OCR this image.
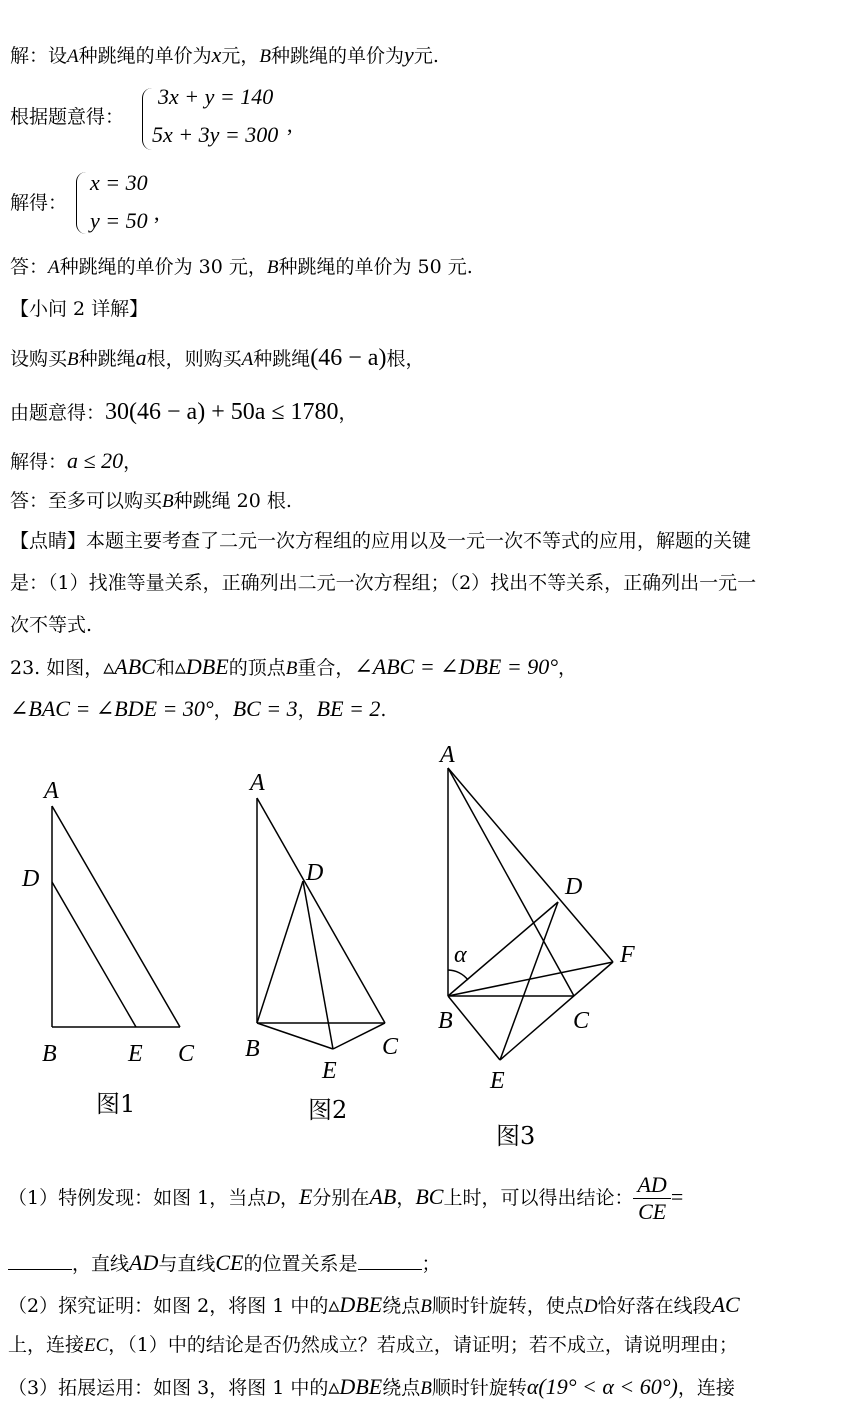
解：设A种跳绳的单价为x元，B种跳绳的单价为y元.
根据题意得：
3x + y = 140
5x + 3y = 300 ,
解得：
x = 30
y = 50 ,
答：A种跳绳的单价为 30 元，B种跳绳的单价为 50 元.
【小问 2 详解】
设购买B种跳绳a根，则购买A种跳绳(46 − a)根，
由题意得：30(46 − a) + 50a ≤ 1780，
解得：a ≤ 20，
答：至多可以购买B种跳绳 20 根.
【点睛】本题主要考查了二元一次方程组的应用以及一元一次不等式的应用，解题的关键
是：（1）找准等量关系，正确列出二元一次方程组；（2）找出不等关系，正确列出一元一
次不等式.
23. 如图，▵ABC和▵DBE的顶点B重合，∠ABC = ∠DBE = 90°，
∠BAC = ∠BDE = 30°，BC = 3，BE = 2.
A
D
B	E C
图1
A
D
B
E
C
图2
A
D
F
α
B	C
E
图3
（1）特例发现：如图 1，当点D，E分别在AB，BC上时，可以得出结论： $\frac{AD}{CE}$ =
，直线AD与直线CE的位置关系是	；
（2）探究证明：如图 2，将图 1 中的▵DBE绕点B顺时针旋转，使点D恰好落在线段AC
上，连接EC，（1）中的结论是否仍然成立？若成立，请证明；若不成立，请说明理由；
（3）拓展运用：如图 3，将图 1 中的▵DBE绕点B顺时针旋转α(19° < α < 60°)，连接
